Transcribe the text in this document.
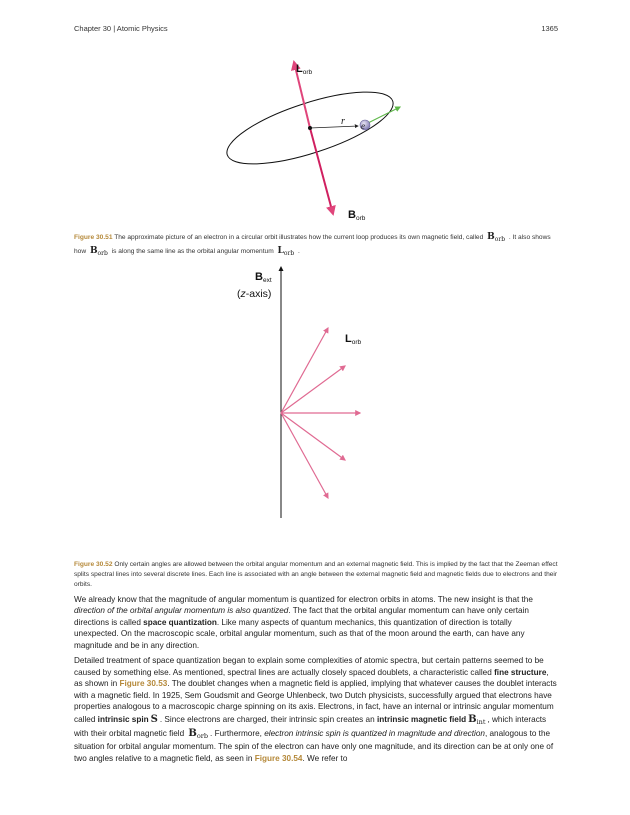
Chapter 30 | Atomic Physics	1365
Lorb
Borb
r e
Figure 30.51 The approximate picture of an electron in a circular orbit illustrates how the current loop produces its own magnetic field, called $B_{orb}$ . It also shows how $B_{orb}$ is along the same line as the orbital angular momentum $L_{orb}$ .
Bext
(z-axis)
Lorb
Figure 30.52 Only certain angles are allowed between the orbital angular momentum and an external magnetic field. This is implied by the fact that the Zeeman effect splits spectral lines into several discrete lines. Each line is associated with an angle between the external magnetic field and magnetic fields due to electrons and their orbits.

We already know that the magnitude of angular momentum is quantized for electron orbits in atoms. The new insight is that the direction of the orbital angular momentum is also quantized. The fact that the orbital angular momentum can have only certain directions is called space quantization. Like many aspects of quantum mechanics, this quantization of direction is totally unexpected. On the macroscopic scale, orbital angular momentum, such as that of the moon around the earth, can have any magnitude and be in any direction.

Detailed treatment of space quantization began to explain some complexities of atomic spectra, but certain patterns seemed to be caused by something else. As mentioned, spectral lines are actually closely spaced doublets, a characteristic called fine structure, as shown in Figure 30.53. The doublet changes when a magnetic field is applied, implying that whatever causes the doublet interacts with a magnetic field. In 1925, Sem Goudsmit and George Uhlenbeck, two Dutch physicists, successfully argued that electrons have properties analogous to a macroscopic charge spinning on its axis. Electrons, in fact, have an internal or intrinsic angular momentum called intrinsic spin S . Since electrons are charged, their intrinsic spin creates an intrinsic magnetic field $B_{int}$ , which interacts with their orbital magnetic field $B_{orb}$ . Furthermore, electron intrinsic spin is quantized in magnitude and direction, analogous to the situation for orbital angular momentum. The spin of the electron can have only one magnitude, and its direction can be at only one of two angles relative to a magnetic field, as seen in Figure 30.54. We refer to
